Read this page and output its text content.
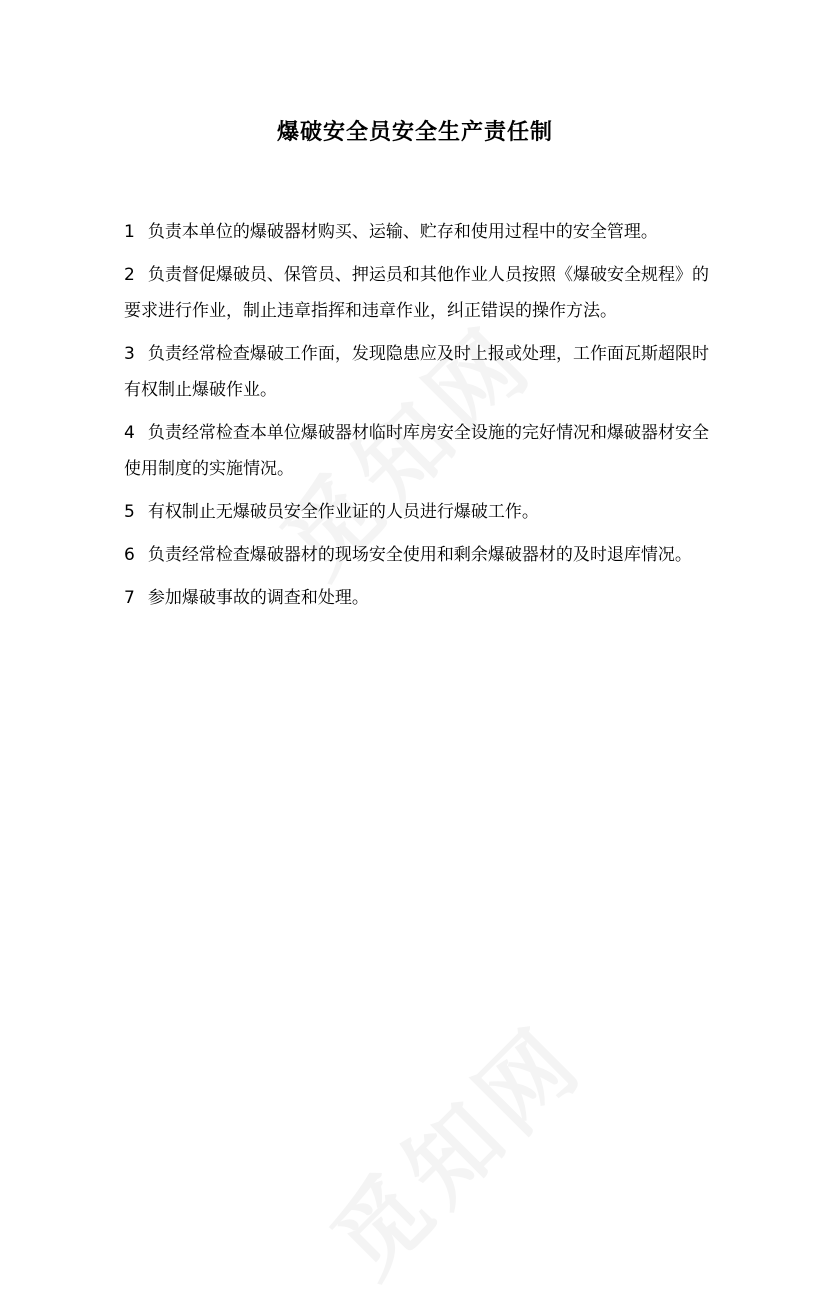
爆破安全员安全生产责任制

1 负责本单位的爆破器材购买、运输、贮存和使用过程中的安全管理。

2 负责督促爆破员、保管员、押运员和其他作业人员按照《爆破安全规程》的要求进行作业，制止违章指挥和违章作业，纠正错误的操作方法。

3 负责经常检查爆破工作面，发现隐患应及时上报或处理，工作面瓦斯超限时有权制止爆破作业。

4 负责经常检查本单位爆破器材临时库房安全设施的完好情况和爆破器材安全使用制度的实施情况。

5 有权制止无爆破员安全作业证的人员进行爆破工作。

6 负责经常检查爆破器材的现场安全使用和剩余爆破器材的及时退库情况。

7 参加爆破事故的调查和处理。
